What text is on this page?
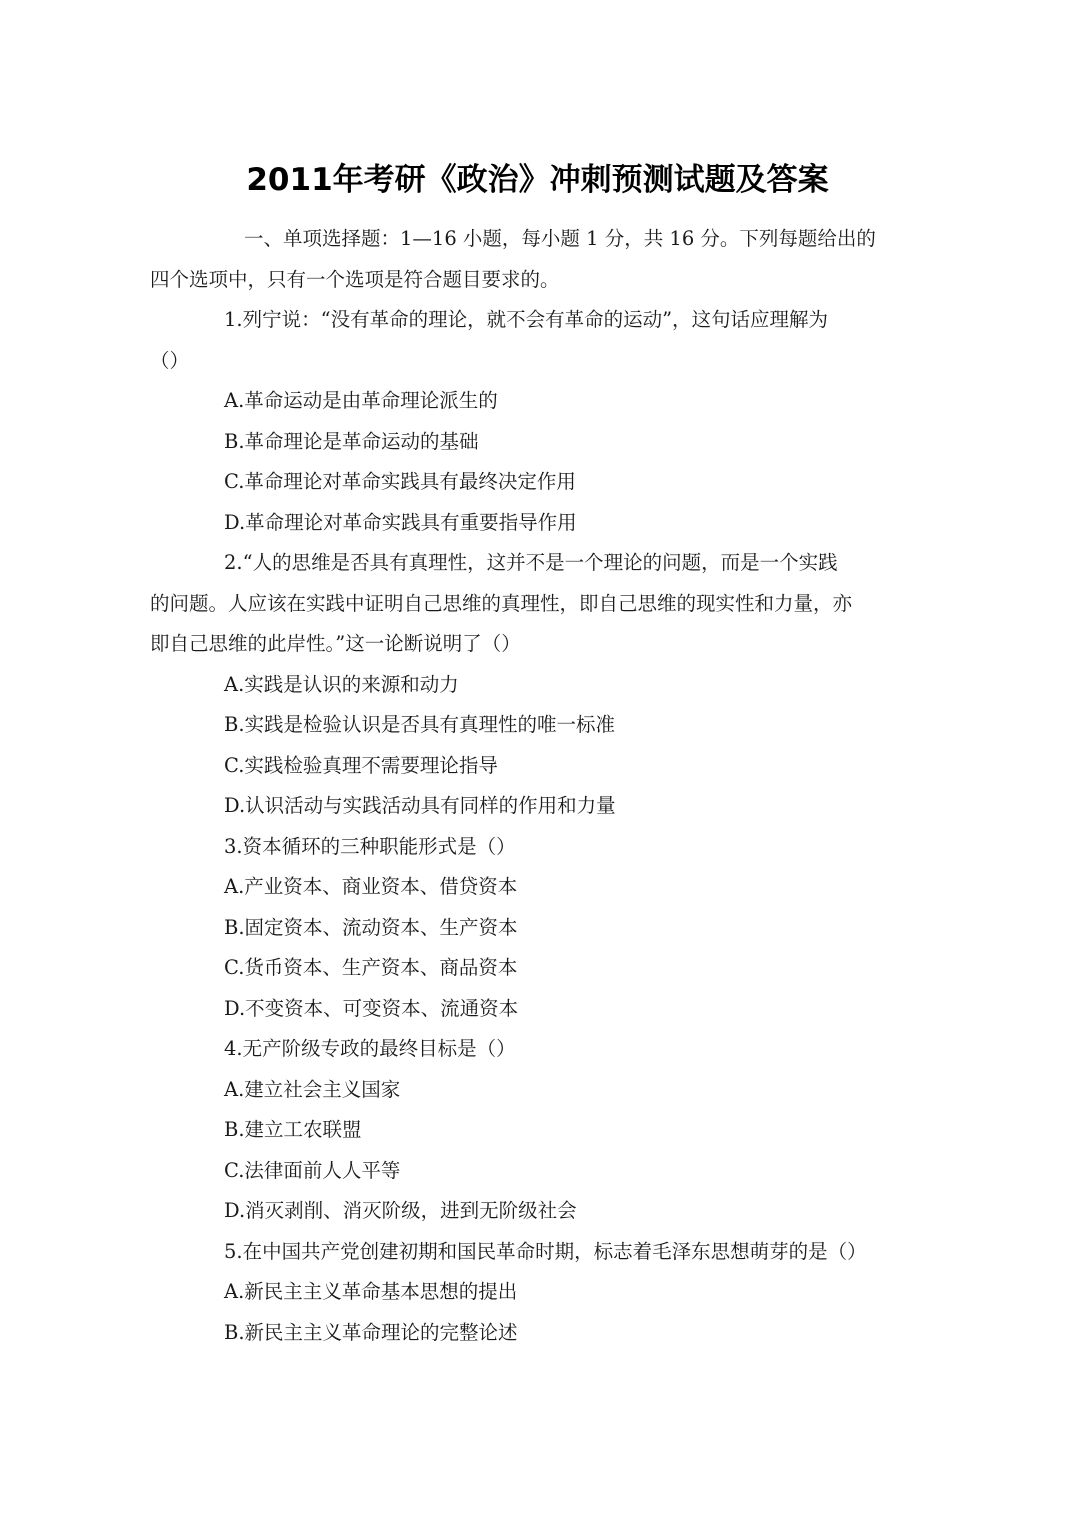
2011年考研《政治》冲刺预测试题及答案
一、单项选择题：1—16 小题，每小题 1 分，共 16 分。下列每题给出的
四个选项中，只有一个选项是符合题目要求的。
1.列宁说：“没有革命的理论，就不会有革命的运动”，这句话应理解为
（）
A.革命运动是由革命理论派生的
B.革命理论是革命运动的基础
C.革命理论对革命实践具有最终决定作用
D.革命理论对革命实践具有重要指导作用
2.“人的思维是否具有真理性，这并不是一个理论的问题，而是一个实践
的问题。人应该在实践中证明自己思维的真理性，即自己思维的现实性和力量，亦
即自己思维的此岸性。”这一论断说明了（）
A.实践是认识的来源和动力
B.实践是检验认识是否具有真理性的唯一标准
C.实践检验真理不需要理论指导
D.认识活动与实践活动具有同样的作用和力量
3.资本循环的三种职能形式是（）
A.产业资本、商业资本、借贷资本
B.固定资本、流动资本、生产资本
C.货币资本、生产资本、商品资本
D.不变资本、可变资本、流通资本
4.无产阶级专政的最终目标是（）
A.建立社会主义国家
B.建立工农联盟
C.法律面前人人平等
D.消灭剥削、消灭阶级，进到无阶级社会
5.在中国共产党创建初期和国民革命时期，标志着毛泽东思想萌芽的是（）
A.新民主主义革命基本思想的提出
B.新民主主义革命理论的完整论述
